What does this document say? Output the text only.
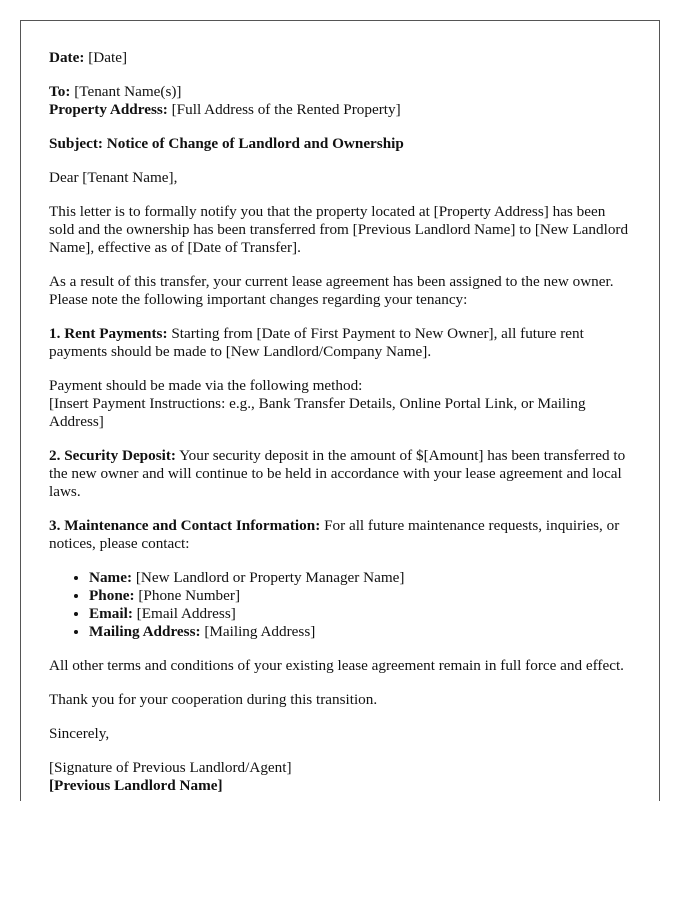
Date: [Date]

To: [Tenant Name(s)]
Property Address: [Full Address of the Rented Property]

Subject: Notice of Change of Landlord and Ownership

Dear [Tenant Name],

This letter is to formally notify you that the property located at [Property Address] has been sold and the ownership has been transferred from [Previous Landlord Name] to [New Landlord Name], effective as of [Date of Transfer].

As a result of this transfer, your current lease agreement has been assigned to the new owner. Please note the following important changes regarding your tenancy:

1. Rent Payments: Starting from [Date of First Payment to New Owner], all future rent payments should be made to [New Landlord/Company Name].

Payment should be made via the following method:
[Insert Payment Instructions: e.g., Bank Transfer Details, Online Portal Link, or Mailing Address]

2. Security Deposit: Your security deposit in the amount of $[Amount] has been transferred to the new owner and will continue to be held in accordance with your lease agreement and local laws.

3. Maintenance and Contact Information: For all future maintenance requests, inquiries, or notices, please contact:

• Name: [New Landlord or Property Manager Name]
• Phone: [Phone Number]
• Email: [Email Address]
• Mailing Address: [Mailing Address]

All other terms and conditions of your existing lease agreement remain in full force and effect.

Thank you for your cooperation during this transition.

Sincerely,

[Signature of Previous Landlord/Agent]
[Previous Landlord Name]
